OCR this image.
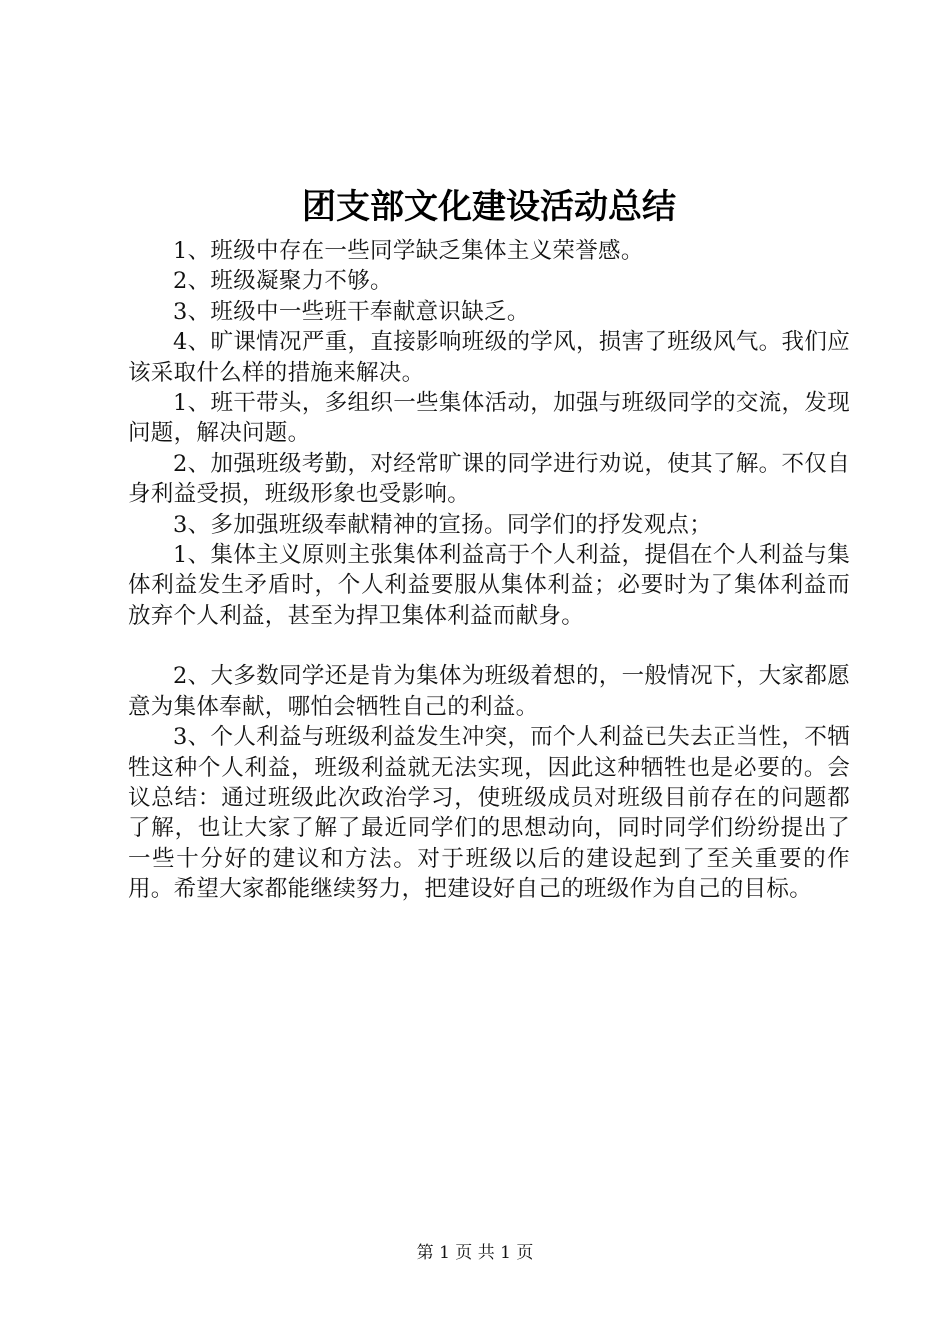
团支部文化建设活动总结

1、班级中存在一些同学缺乏集体主义荣誉感。

2、班级凝聚力不够。

3、班级中一些班干奉献意识缺乏。

4、旷课情况严重，直接影响班级的学风，损害了班级风气。我们应该采取什么样的措施来解决。

1、班干带头，多组织一些集体活动，加强与班级同学的交流，发现问题，解决问题。

2、加强班级考勤，对经常旷课的同学进行劝说，使其了解。不仅自身利益受损，班级形象也受影响。

3、多加强班级奉献精神的宣扬。同学们的抒发观点；

1、集体主义原则主张集体利益高于个人利益，提倡在个人利益与集体利益发生矛盾时，个人利益要服从集体利益；必要时为了集体利益而放弃个人利益，甚至为捍卫集体利益而献身。

2、大多数同学还是肯为集体为班级着想的，一般情况下，大家都愿意为集体奉献，哪怕会牺牲自己的利益。

3、个人利益与班级利益发生冲突，而个人利益已失去正当性，不牺牲这种个人利益，班级利益就无法实现，因此这种牺牲也是必要的。会议总结：通过班级此次政治学习，使班级成员对班级目前存在的问题都了解，也让大家了解了最近同学们的思想动向，同时同学们纷纷提出了一些十分好的建议和方法。对于班级以后的建设起到了至关重要的作用。希望大家都能继续努力，把建设好自己的班级作为自己的目标。

第 1 页 共 1 页
